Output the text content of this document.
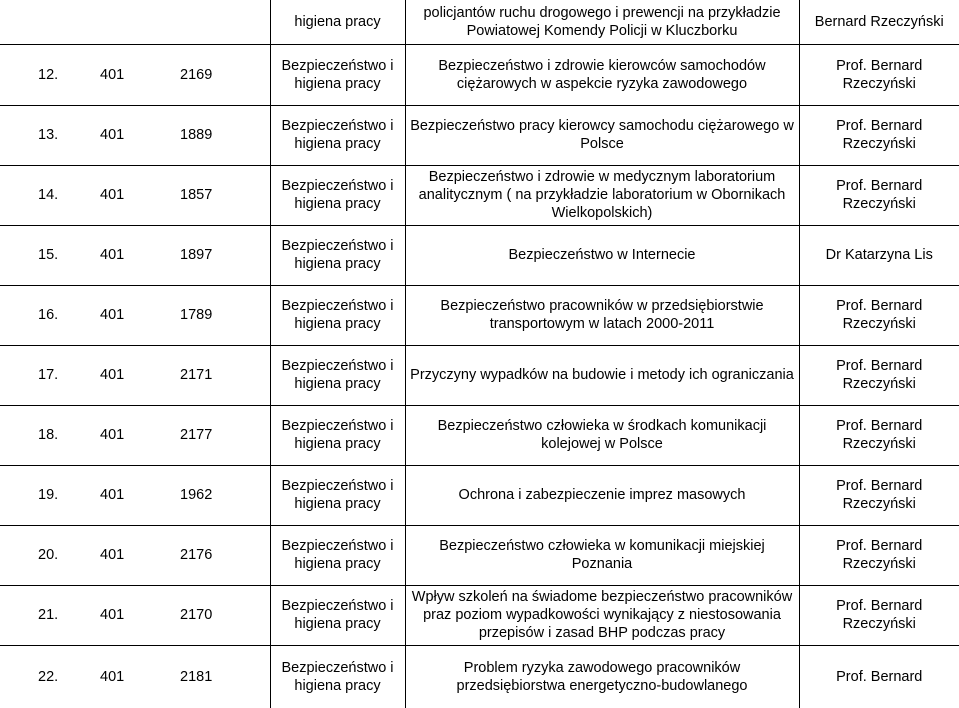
	higiena pracy	policjantów ruchu drogowego i prewencji na przykładzie Powiatowej Komendy Policji w Kluczborku	Bernard Rzeczyński
12. 401 2169	Bezpieczeństwo i higiena pracy	Bezpieczeństwo i zdrowie kierowców samochodów ciężarowych w aspekcie ryzyka zawodowego	Prof. Bernard Rzeczyński
13. 401 1889	Bezpieczeństwo i higiena pracy	Bezpieczeństwo pracy kierowcy samochodu ciężarowego w Polsce	Prof. Bernard Rzeczyński
14. 401 1857	Bezpieczeństwo i higiena pracy	Bezpieczeństwo i zdrowie w medycznym laboratorium analitycznym ( na przykładzie laboratorium w Obornikach Wielkopolskich)	Prof. Bernard Rzeczyński
15. 401 1897	Bezpieczeństwo i higiena pracy	Bezpieczeństwo w Internecie	Dr Katarzyna Lis
16. 401 1789	Bezpieczeństwo i higiena pracy	Bezpieczeństwo pracowników w przedsiębiorstwie transportowym w latach 2000-2011	Prof. Bernard Rzeczyński
17. 401 2171	Bezpieczeństwo i higiena pracy	Przyczyny wypadków na budowie i metody ich ograniczania	Prof. Bernard Rzeczyński
18. 401 2177	Bezpieczeństwo i higiena pracy	Bezpieczeństwo człowieka w środkach komunikacji kolejowej w Polsce	Prof. Bernard Rzeczyński
19. 401 1962	Bezpieczeństwo i higiena pracy	Ochrona i zabezpieczenie imprez masowych	Prof. Bernard Rzeczyński
20. 401 2176	Bezpieczeństwo i higiena pracy	Bezpieczeństwo człowieka w komunikacji miejskiej Poznania	Prof. Bernard Rzeczyński
21. 401 2170	Bezpieczeństwo i higiena pracy	Wpływ szkoleń na świadome bezpieczeństwo pracowników praz poziom wypadkowości wynikający z niestosowania przepisów i zasad BHP podczas pracy	Prof. Bernard Rzeczyński
22. 401 2181	Bezpieczeństwo i higiena pracy	Problem ryzyka zawodowego pracowników przedsiębiorstwa energetyczno-budowlanego	Prof. Bernard
